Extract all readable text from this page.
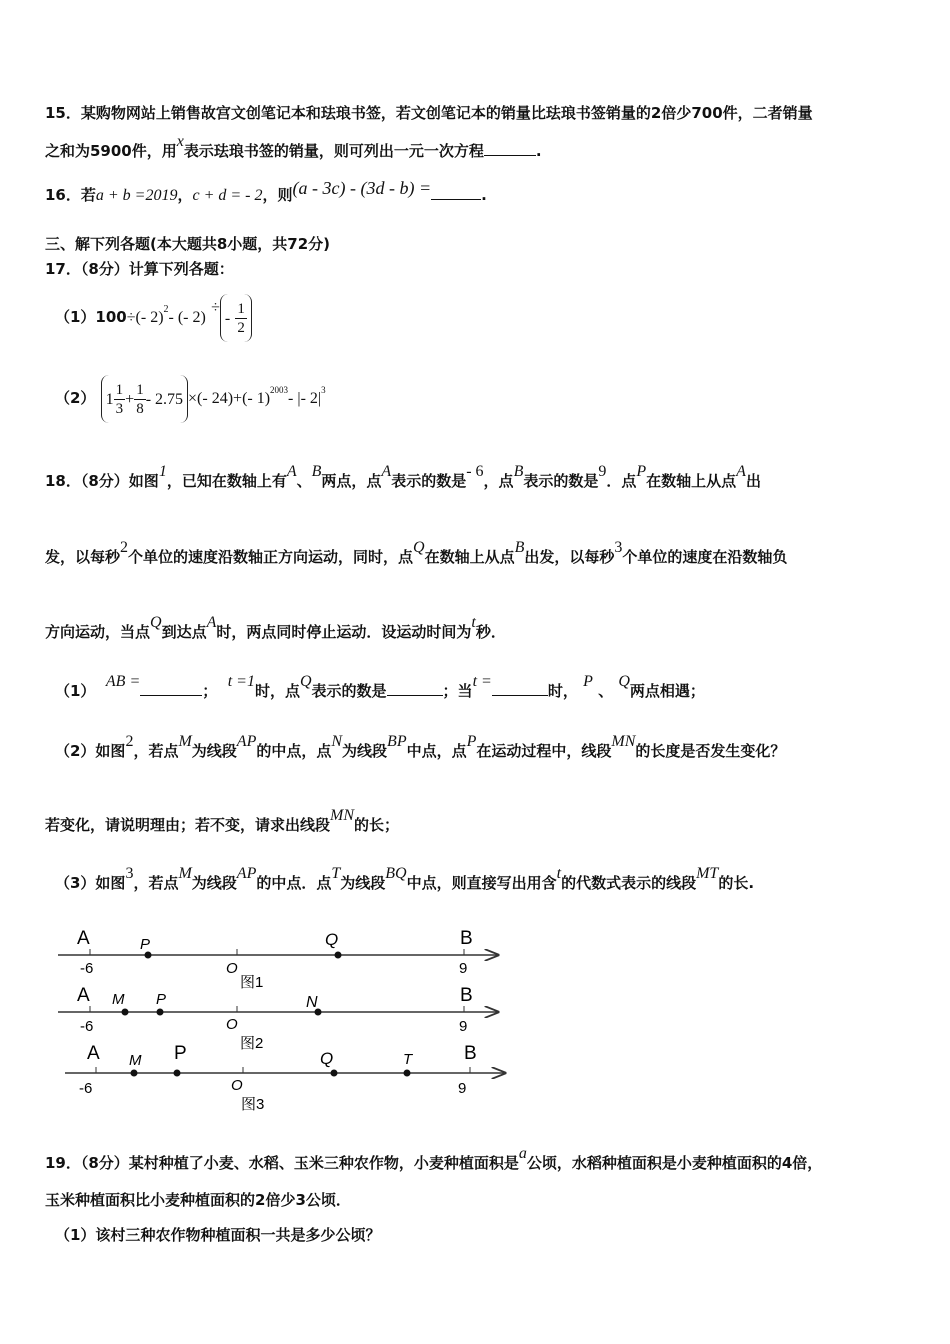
15．某购物网站上销售故宫文创笔记本和珐琅书签，若文创笔记本的销量比珐琅书签销量的2倍少700件，二者销量
之和为5900件，用x表示珐琅书签的销量，则可列出一元一次方程	.
16．若a + b =2019，c + d = - 2，则(a - 3c) - (3d - b) =	.
三、解下列各题(本大题共8小题，共72分)
17．（8分）计算下列各题：
（1）100÷(- 2)$^2$- (- $2) \div- \frac{1}{2}$
（2） $1 \frac{1}{3} + \frac{1}{8} - 2.75$ ×(- 24)+(- 1)$^{2003}$- |- $2|^3$
18．（8分）如图1，已知在数轴上有A、B两点，点A表示的数是- 6，点B表示的数是9．点P在数轴上从点A出
发，以每秒2个单位的速度沿数轴正方向运动，同时，点Q在数轴上从点B出发，以每秒3个单位的速度在沿数轴负
方向运动，当点Q到达点A时，两点同时停止运动．设运动时间为t秒．
（1）  AB =；  t =1时，点Q表示的数是	；当t =时， P 、 Q两点相遇；
（2）如图2，若点M为线段AP的中点，点N为线段BP中点，点P在运动过程中，线段MN的长度是否发生变化？
若变化，请说明理由；若不变，请求出线段MN的长；
（3）如图3，若点M为线段AP的中点．点T为线段BQ中点，则直接写出用含t的代数式表示的线段MT的长.
A	P	Q	B
-6	O	9
图1
A M P	N	B
-6	O	9
图2
A M P	Q	T	B
-6	O	9
图3
19．（8分）某村种植了小麦、水稻、玉米三种农作物，小麦种植面积是a公顷，水稻种植面积是小麦种植面积的4倍，
玉米种植面积比小麦种植面积的2倍少3公顷．
（1）该村三种农作物种植面积一共是多少公顷？
